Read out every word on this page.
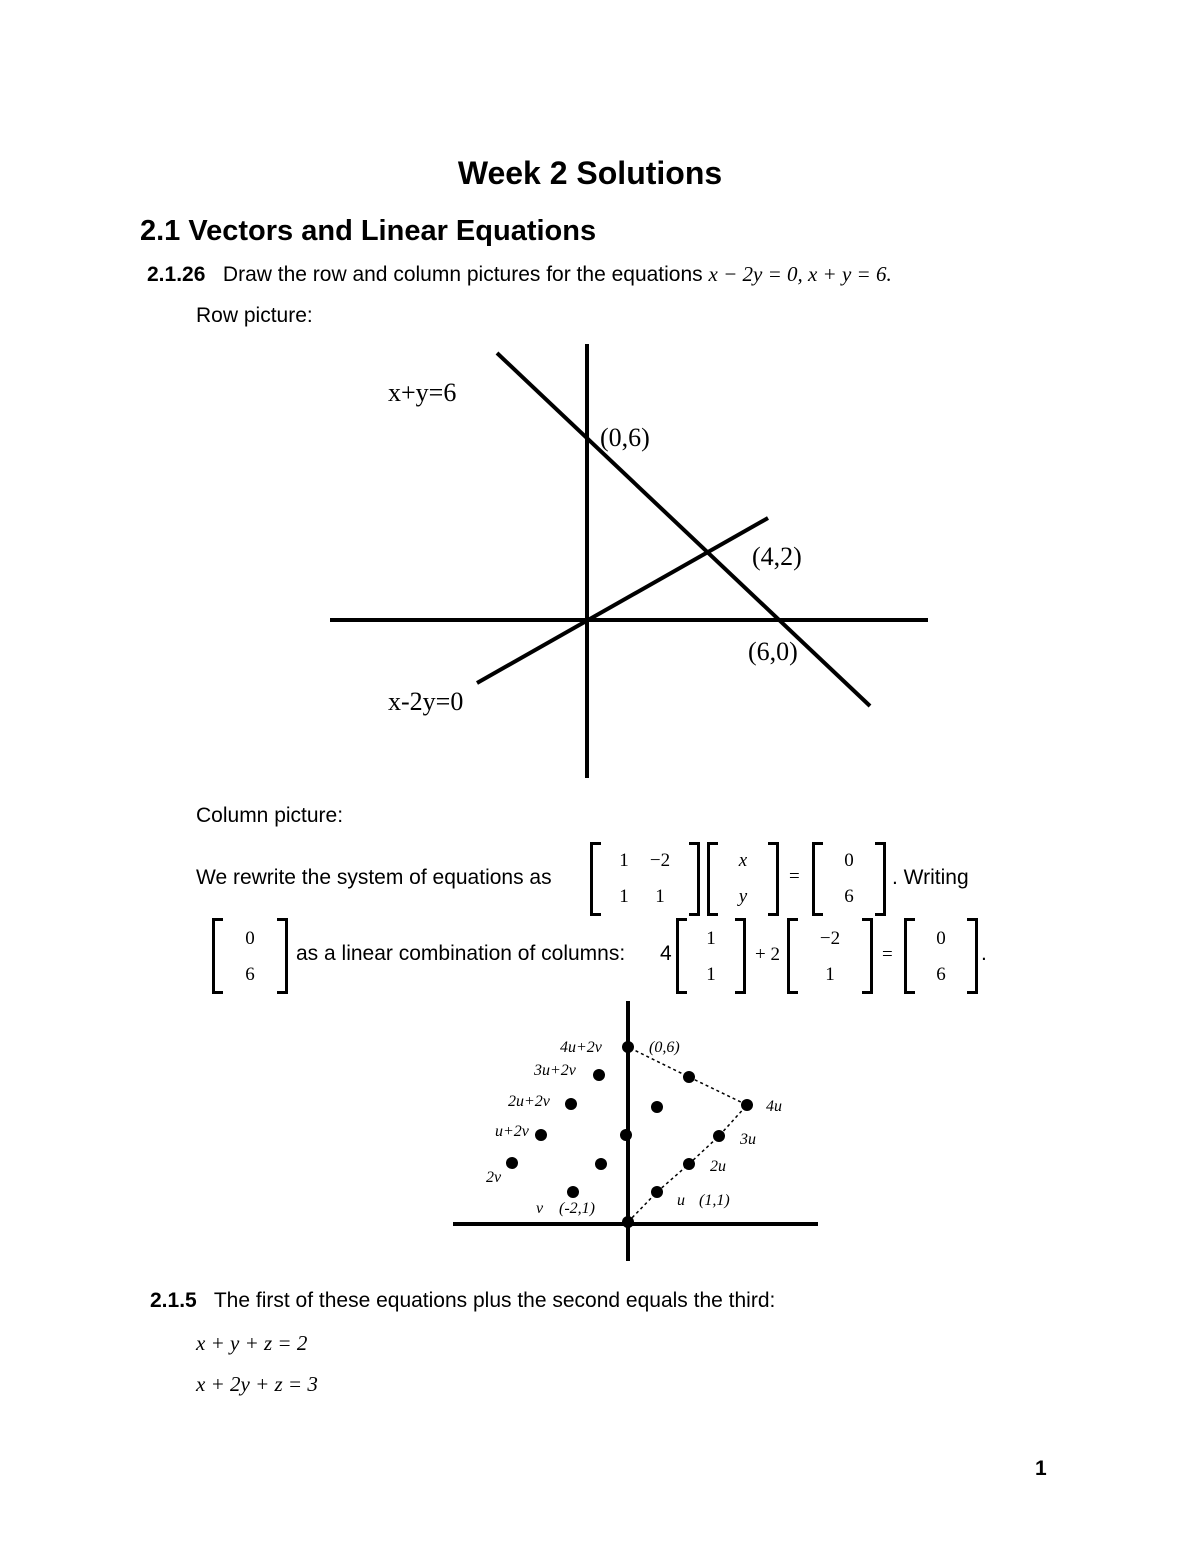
Week 2 Solutions
2.1 Vectors and Linear Equations
2.1.26 Draw the row and column pictures for the equations x − 2y = 0, x + y = 6.
Row picture:
x+y=6
x-2y=0
(0,6)
(4,2)
(6,0)
Column picture:
We rewrite the system of equations as
1	−2
1	1
x
y
=
0
6
. Writing
0
6
as a linear combination of columns: 4
1
1
+ 2
−2
1
=
0
6
.
(0,6)
4u+2v
3u+2v
2u+2v
u+2v
2v
v (-2,1)
4u
3u
2u
u (1,1)
2.1.5 The first of these equations plus the second equals the third:
x + y + z = 2
x + 2y + z = 3
1
